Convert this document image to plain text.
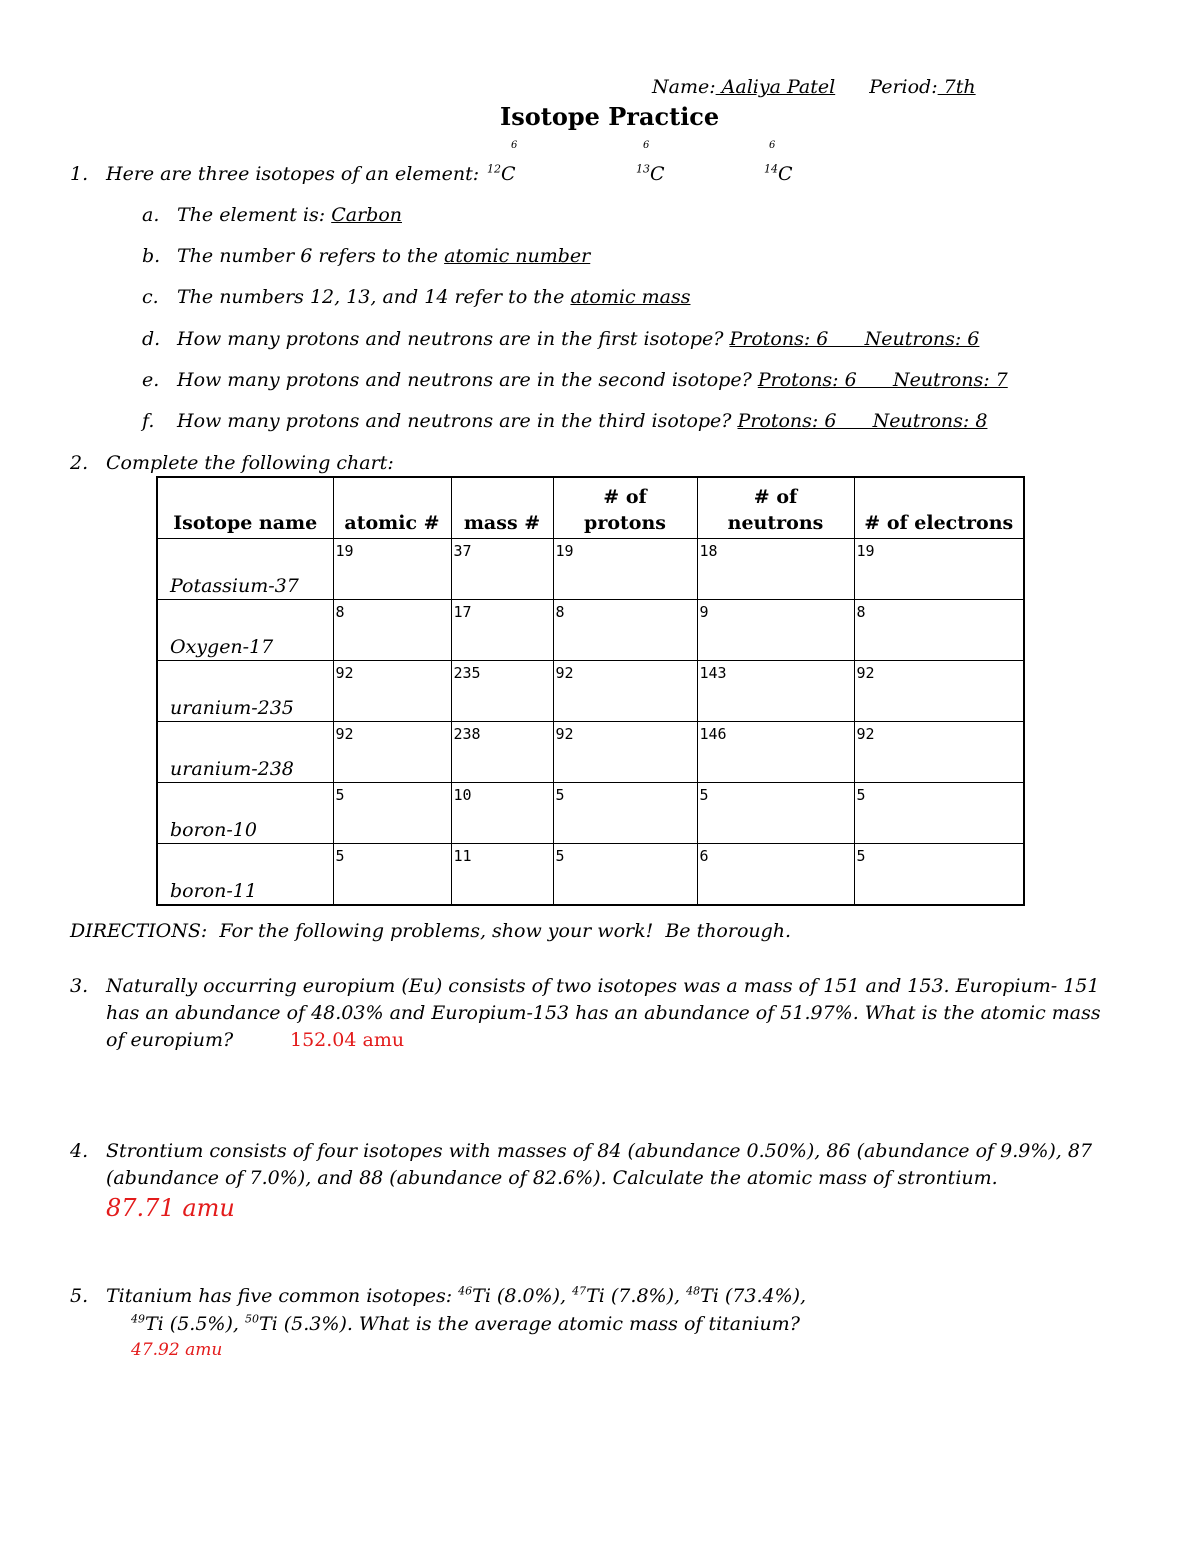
Name: Aaliya Patel Period: 7th
Isotope Practice
6	6	6
1. Here are three isotopes of an element: $^{12}$C	$^{13}$C	$^{14}$C
a. The element is: Carbon
b. The number 6 refers to the atomic number
c. The numbers 12, 13, and 14 refer to the atomic mass
d. How many protons and neutrons are in the first isotope? Protons: 6      Neutrons: 6
e. How many protons and neutrons are in the second isotope? Protons: 6      Neutrons: 7
f. How many protons and neutrons are in the third isotope? Protons: 6      Neutrons: 8
2. Complete the following chart:
Isotope name	atomic #	mass #	# of protons	# of neutrons	# of electrons

Potassium-37	19	37	19	18	19

Oxygen-17	8	17	8	9	8

uranium-235	92	235	92	143	92

uranium-238	92	238	92	146	92

boron-10	5	10	5	5	5

boron-11	5	11	5	6	5
DIRECTIONS:  For the following problems, show your work!  Be thorough.
3. Naturally occurring europium (Eu) consists of two isotopes was a mass of 151 and 153. Europium- 151
has an abundance of 48.03% and Europium-153 has an abundance of 51.97%. What is the atomic mass
of europium?	152.04 amu
4. Strontium consists of four isotopes with masses of 84 (abundance 0.50%), 86 (abundance of 9.9%), 87
(abundance of 7.0%), and 88 (abundance of 82.6%). Calculate the atomic mass of strontium.
87.71 amu
5. Titanium has five common isotopes: $^{46}$Ti (8.0%), $^{47}$Ti (7.8%), $^{48}$Ti (73.4%),
$^{49}$Ti (5.5%), $^{50}$Ti (5.3%). What is the average atomic mass of titanium?
47.92 amu
